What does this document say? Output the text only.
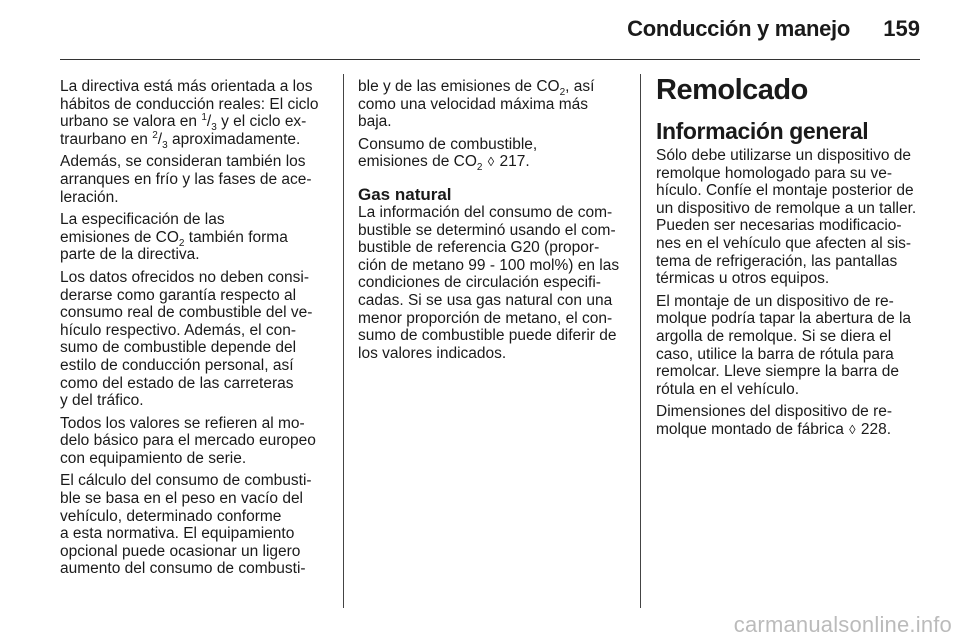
Conducción y manejo	159

La directiva está más orientada a los
hábitos de conducción reales: El ciclo
urbano se valora en $^1/_3$ y el ciclo ex-
traurbano en $^2/_3$ aproximadamente.

Además, se consideran también los
arranques en frío y las fases de ace-
leración.

La especificación de las
emisiones de $CO_2$ también forma
parte de la directiva.

Los datos ofrecidos no deben consi-
derarse como garantía respecto al
consumo real de combustible del ve-
hículo respectivo. Además, el con-
sumo de combustible depende del
estilo de conducción personal, así
como del estado de las carreteras
y del tráfico.

Todos los valores se refieren al mo-
delo básico para el mercado europeo
con equipamiento de serie.

El cálculo del consumo de combusti-
ble se basa en el peso en vacío del
vehículo, determinado conforme
a esta normativa. El equipamiento
opcional puede ocasionar un ligero
aumento del consumo de combusti-

ble y de las emisiones de $CO_2$, así
como una velocidad máxima más
baja.

Consumo de combustible,
emisiones de $CO_2$ ◊ 217.

Gas natural

La información del consumo de com-
bustible se determinó usando el com-
bustible de referencia G20 (propor-
ción de metano 99 - 100 mol%) en las
condiciones de circulación especifi-
cadas. Si se usa gas natural con una
menor proporción de metano, el con-
sumo de combustible puede diferir de
los valores indicados.

Remolcado
Información general

Sólo debe utilizarse un dispositivo de
remolque homologado para su ve-
hículo. Confíe el montaje posterior de
un dispositivo de remolque a un taller.
Pueden ser necesarias modificacio-
nes en el vehículo que afecten al sis-
tema de refrigeración, las pantallas
térmicas u otros equipos.

El montaje de un dispositivo de re-
molque podría tapar la abertura de la
argolla de remolque. Si se diera el
caso, utilice la barra de rótula para
remolcar. Lleve siempre la barra de
rótula en el vehículo.

Dimensiones del dispositivo de re-
molque montado de fábrica ◊ 228.

carmanualsonline.info
